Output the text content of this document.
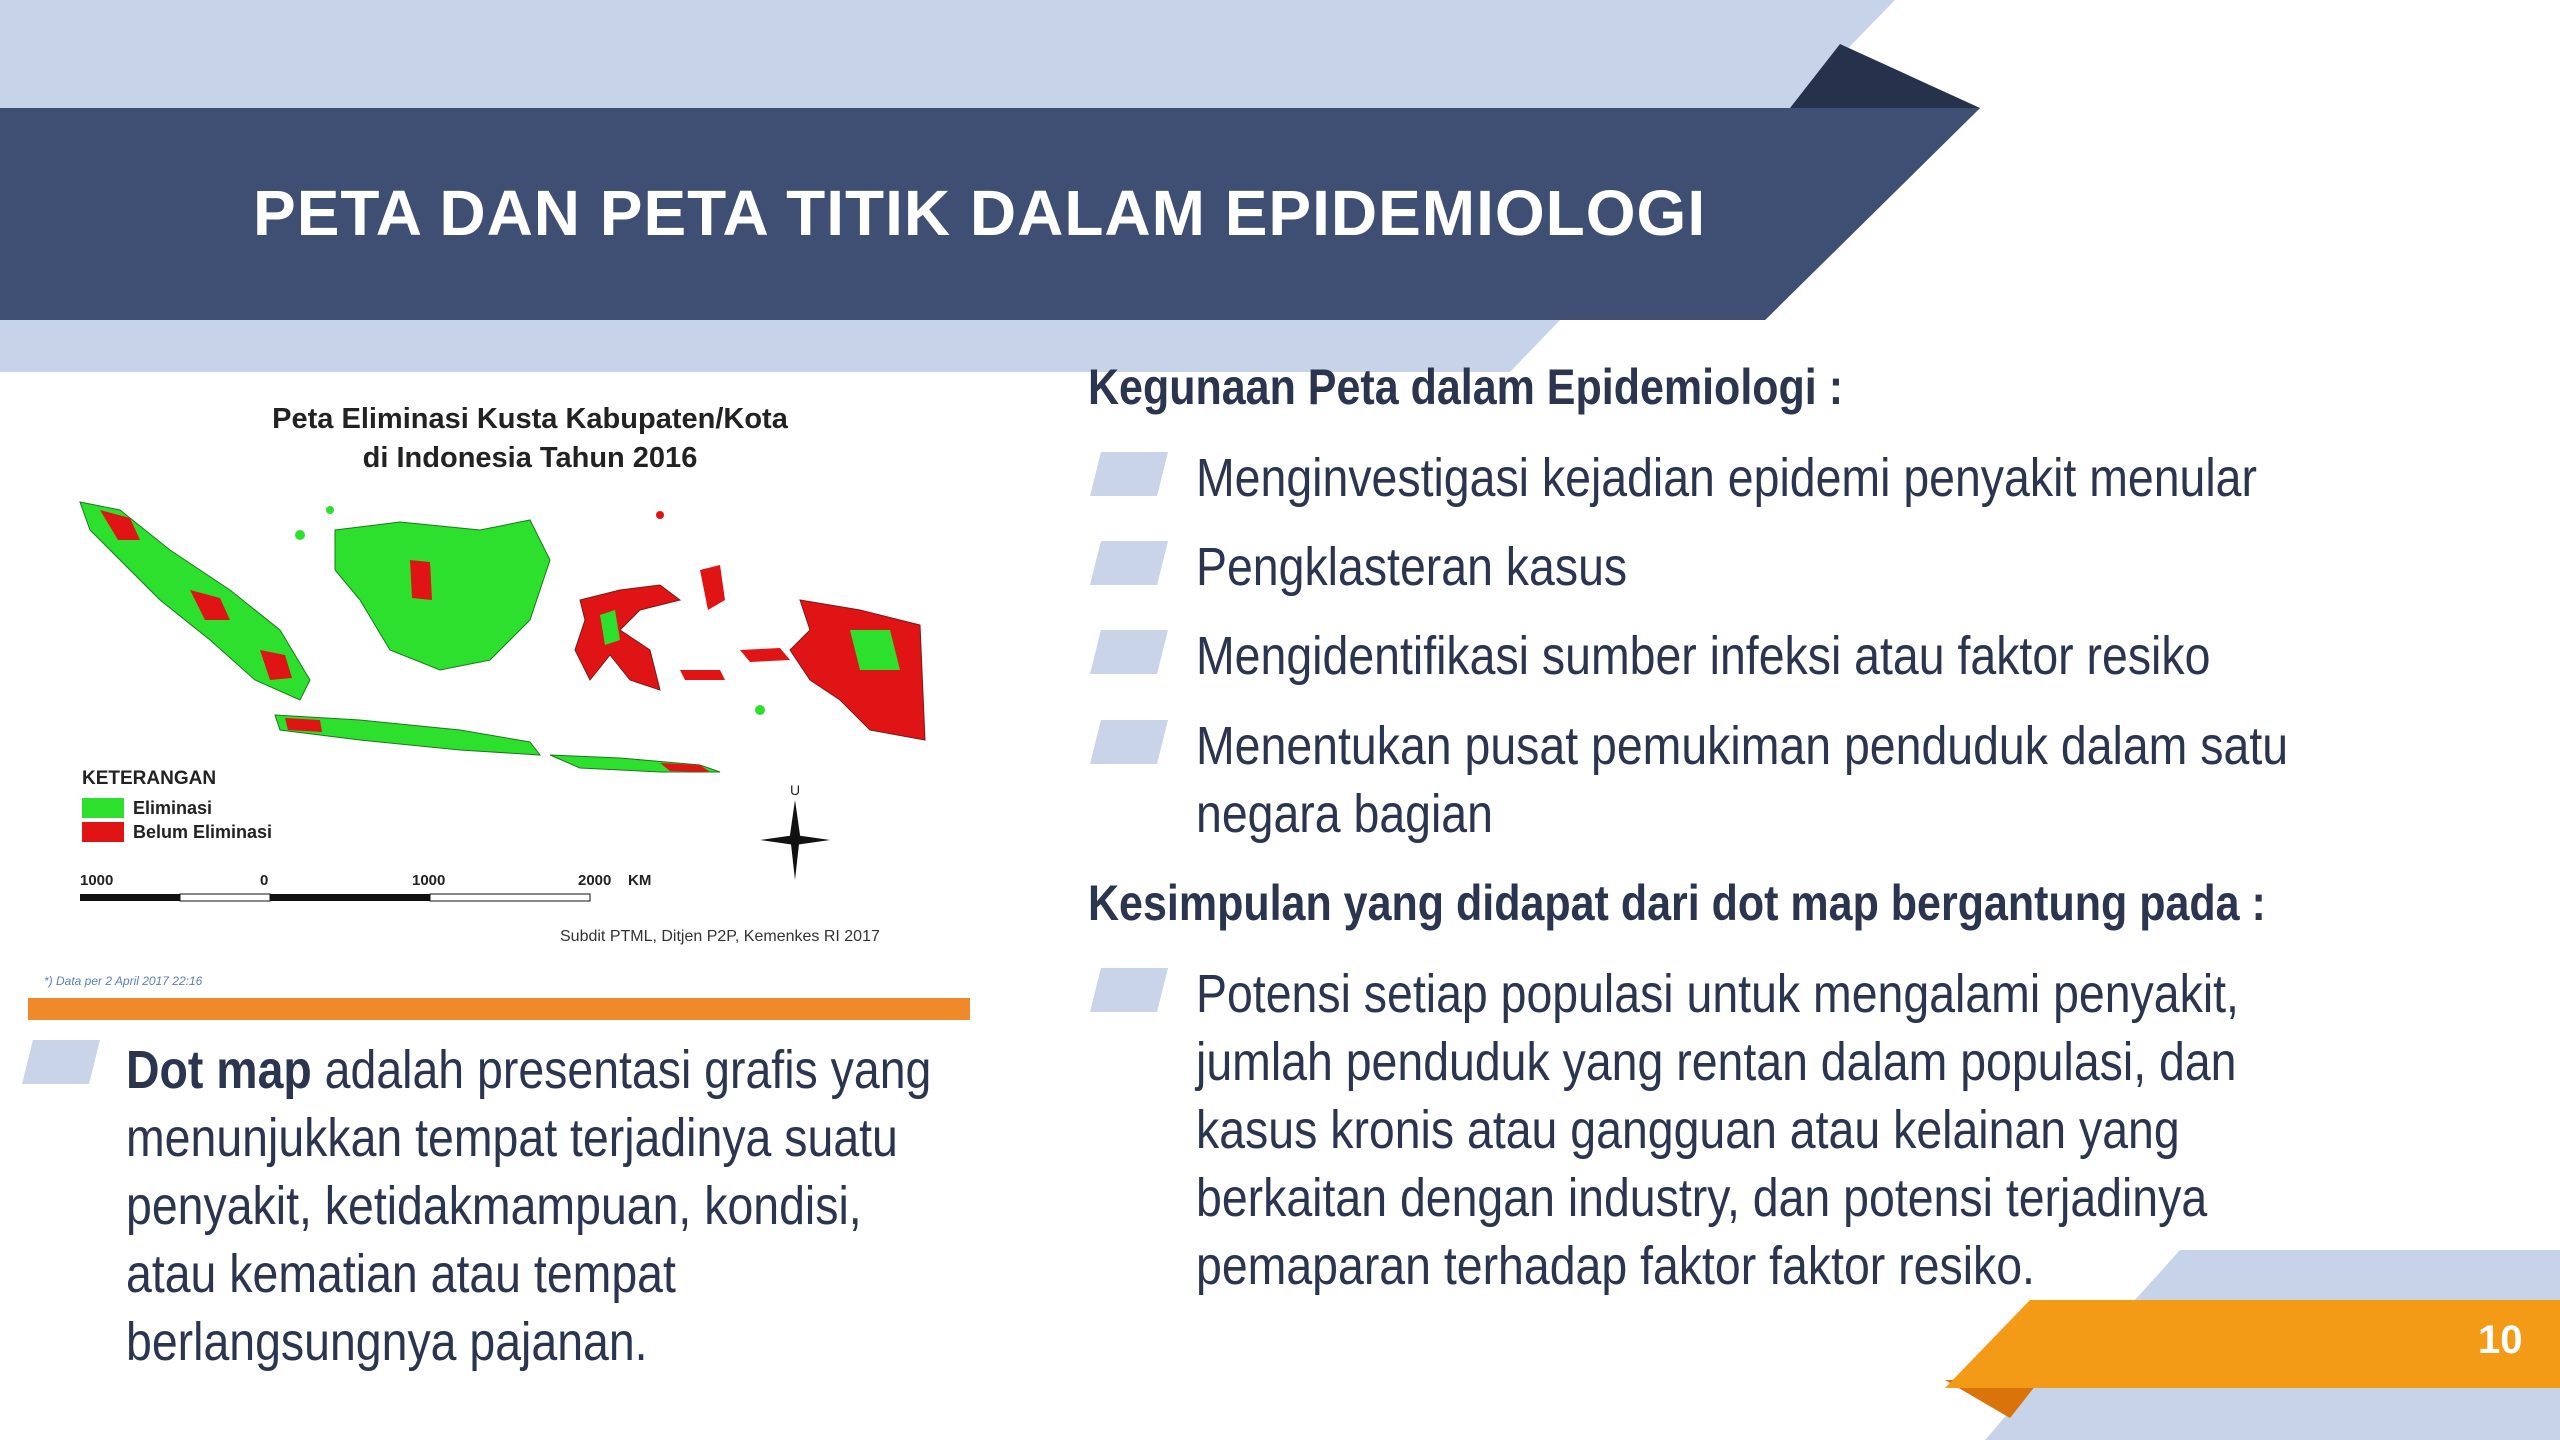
PETA DAN PETA TITIK DALAM EPIDEMIOLOGI
Peta Eliminasi Kusta Kabupaten/Kota
di Indonesia Tahun 2016
KETERANGAN
Eliminasi
Belum Eliminasi
U
1000	0	1000	2000 KM
Subdit PTML, Ditjen P2P, Kemenkes RI 2017
*) Data per 2 April 2017 22:16
Dot map adalah presentasi grafis yang
menunjukkan tempat terjadinya suatu
penyakit, ketidakmampuan, kondisi,
atau kematian atau tempat
berlangsungnya pajanan.
Kegunaan Peta dalam Epidemiologi :
Menginvestigasi kejadian epidemi penyakit menular
Pengklasteran kasus
Mengidentifikasi sumber infeksi atau faktor resiko
Menentukan pusat pemukiman penduduk dalam satu
negara bagian
Kesimpulan yang didapat dari dot map bergantung pada :
Potensi setiap populasi untuk mengalami penyakit,
jumlah penduduk yang rentan dalam populasi, dan
kasus kronis atau gangguan atau kelainan yang
berkaitan dengan industry, dan potensi terjadinya
pemaparan terhadap faktor faktor resiko.
10
